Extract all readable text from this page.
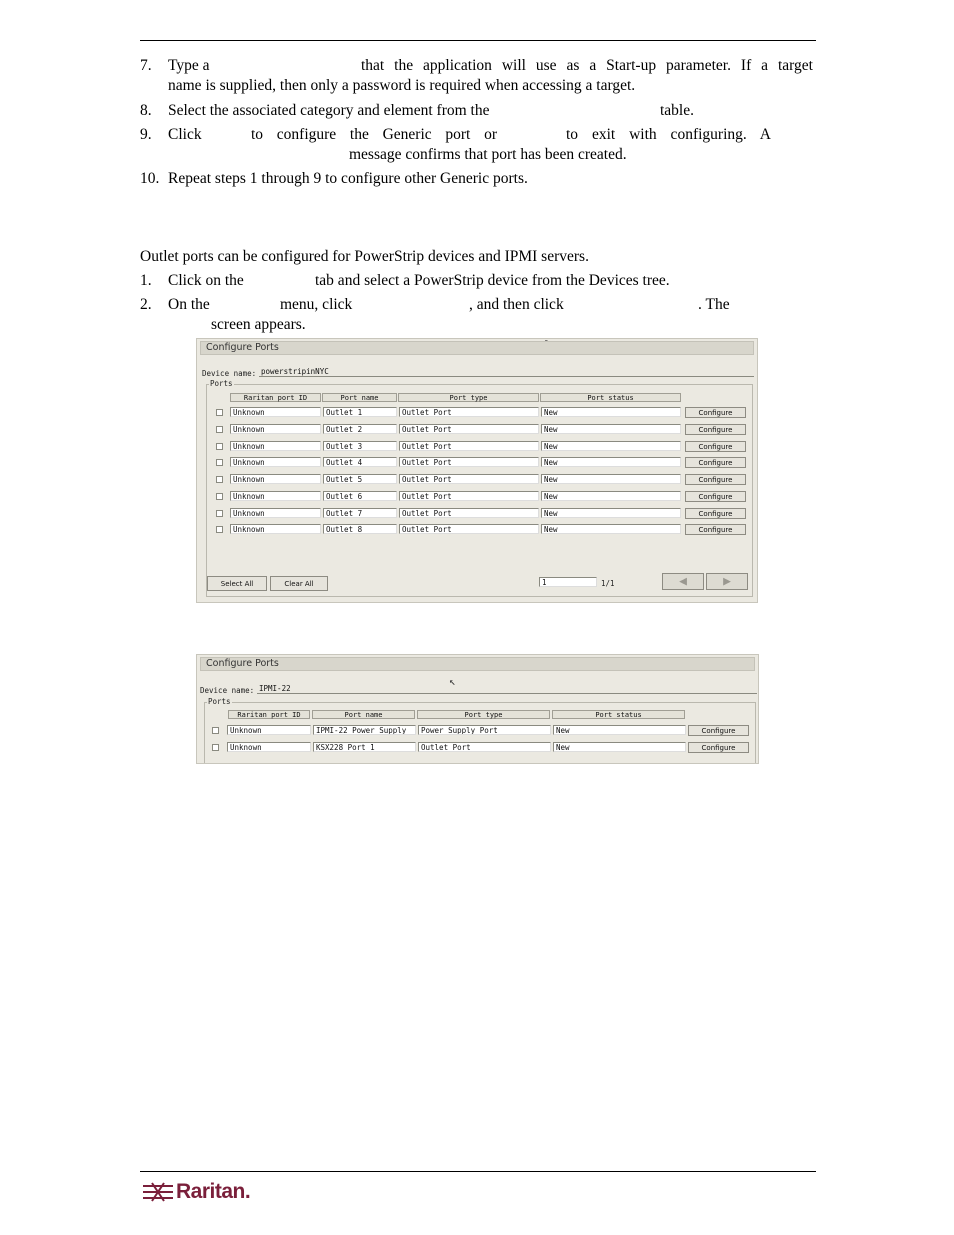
7. Type a	that the application will use as a Start-up parameter. If a target
name is supplied, then only a password is required when accessing a target.
8. Select the associated category and element from the	table.
9. Click	to configure the Generic port or	to exit with configuring. A
message confirms that port has been created.
10. Repeat steps 1 through 9 to configure other Generic ports.
Outlet ports can be configured for PowerStrip devices and IPMI servers.
1. Click on the	tab and select a PowerStrip device from the Devices tree.
2. On the	menu, click	, and then click	. The
screen appears.
Configure Ports
Device name: powerstripinNYC
Ports
Raritan port ID	Port name	Port type	Port status
Unknown	Outlet_1	Outlet Port	New	Configure
Unknown	Outlet_2	Outlet Port	New	Configure
Unknown	Outlet_3	Outlet Port	New	Configure
Unknown	Outlet_4	Outlet Port	New	Configure
Unknown	Outlet_5	Outlet Port	New	Configure
Unknown	Outlet_6	Outlet Port	New	Configure
Unknown	Outlet_7	Outlet Port	New	Configure
Unknown	Outlet_8	Outlet Port	New	Configure
Select All	Clear All	1	1/1	◀	▶
Configure Ports
Device name: IPMI-22
↖
Ports
Raritan port ID	Port name	Port type	Port status
Unknown	IPMI-22 Power Supply	Power Supply Port	New	Configure
Unknown	KSX228 Port 1	Outlet Port	New	Configure
Raritan.
